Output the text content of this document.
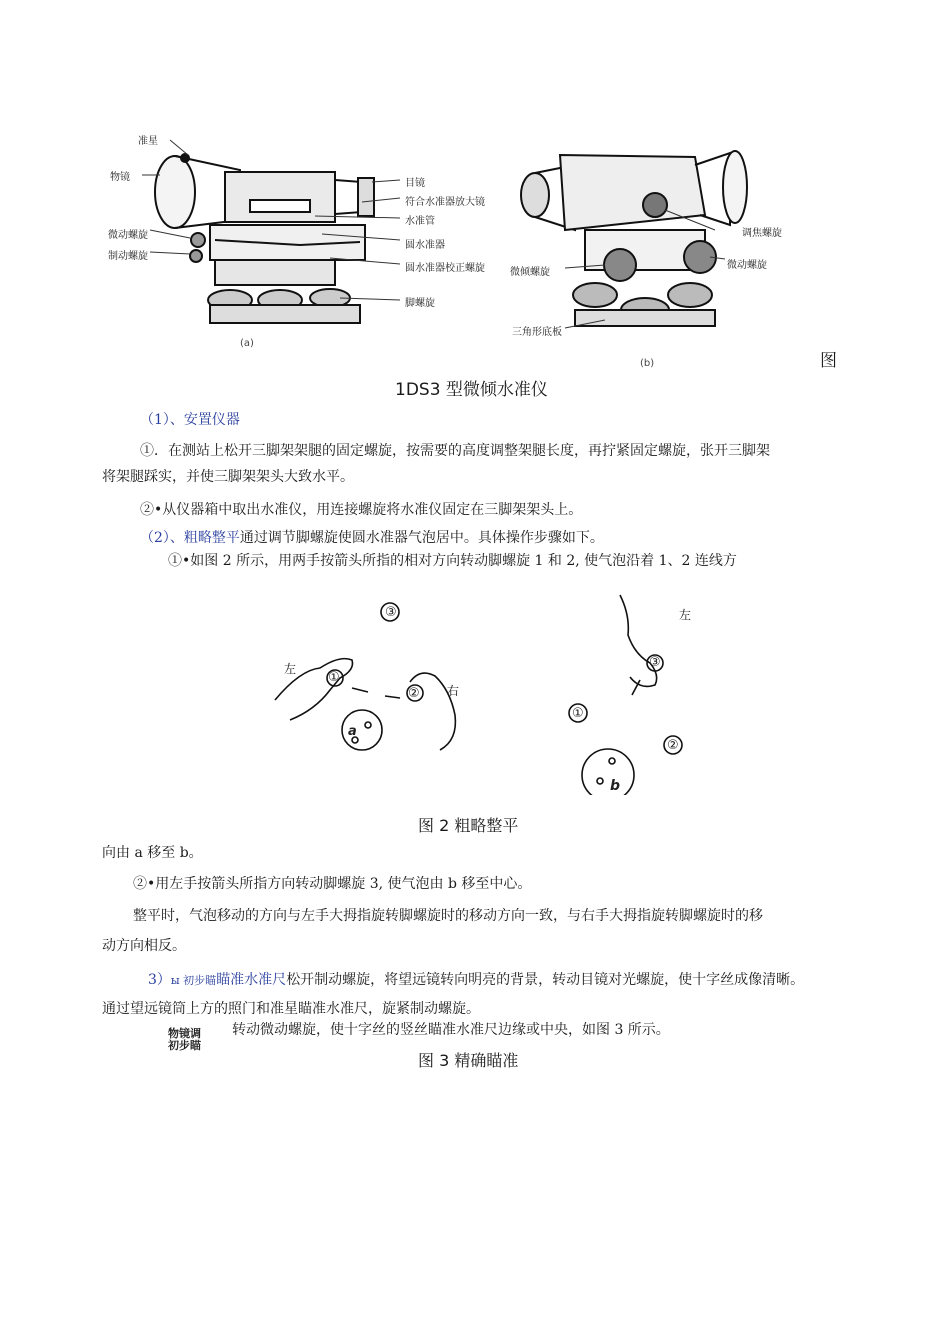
准星
物镜
微动螺旋
制动螺旋
目镜
符合水准器放大镜
水准管
圆水准器
圆水准器校正螺旋
脚螺旋
(a)
调焦螺旋
微倾螺旋
微动螺旋
三角形底板
(b)	图
1DS3 型微倾水准仪
（1）、安置仪器
①．在测站上松开三脚架架腿的固定螺旋，按需要的高度调整架腿长度，再拧紧固定螺旋，张开三脚架
将架腿踩实，并使三脚架架头大致水平。
②•从仪器箱中取出水准仪，用连接螺旋将水准仪固定在三脚架架头上。
（2）、粗略整平通过调节脚螺旋使圆水准器气泡居中。具体操作步骤如下。
①•如图 2 所示，用两手按箭头所指的相对方向转动脚螺旋 1 和 2, 使气泡沿着 1、2 连线方
③
①
②
左
右
a
左
③
①
②
b
图 2 粗略整平
向由 a 移至 b。
②•用左手按箭头所指方向转动脚螺旋 3, 使气泡由 b 移至中心。
整平时，气泡移动的方向与左手大拇指旋转脚螺旋时的移动方向一致，与右手大拇指旋转脚螺旋时的移
动方向相反。
3）ы 初步瞄瞄准水准尺松开制动螺旋，将望远镜转向明亮的背景，转动目镜对光螺旋，使十字丝成像清晰。
通过望远镜筒上方的照门和准星瞄准水准尺，旋紧制动螺旋。
物镜调
初步瞄
转动微动螺旋，使十字丝的竖丝瞄准水准尺边缘或中央，如图 3 所示。
图 3 精确瞄准
